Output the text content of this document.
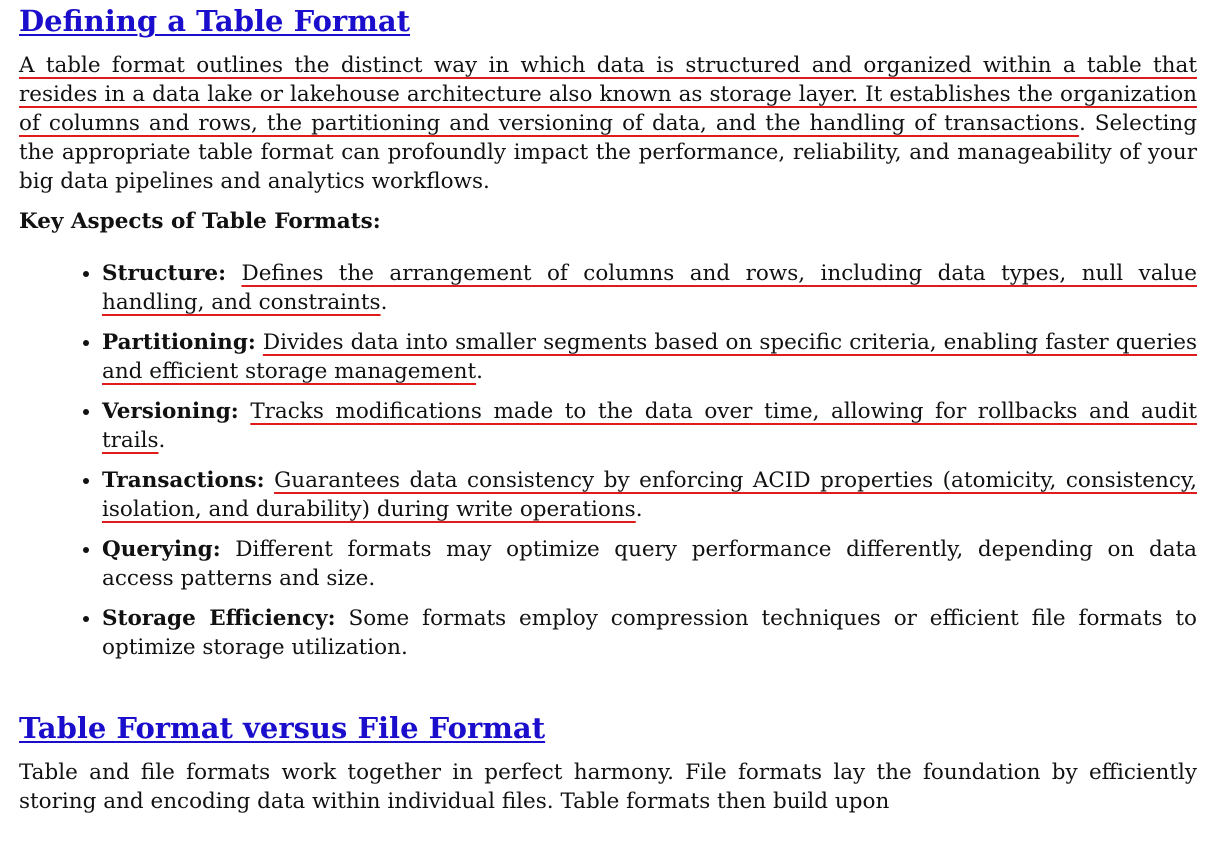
Defining a Table Format

A table format outlines the distinct way in which data is structured and organized within a table that resides in a data lake or lakehouse architecture also known as storage layer. It establishes the organization of columns and rows, the partitioning and versioning of data, and the handling of transactions. Selecting the appropriate table format can profoundly impact the performance, reliability, and manageability of your big data pipelines and analytics workflows.

Key Aspects of Table Formats:
• Structure: Defines the arrangement of columns and rows, including data types, null value handling, and constraints.
• Partitioning: Divides data into smaller segments based on specific criteria, enabling faster queries and efficient storage management.
• Versioning: Tracks modifications made to the data over time, allowing for rollbacks and audit trails.
• Transactions: Guarantees data consistency by enforcing ACID properties (atomicity, consistency, isolation, and durability) during write operations.
• Querying: Different formats may optimize query performance differently, depending on data access patterns and size.
• Storage Efficiency: Some formats employ compression techniques or efficient file formats to optimize storage utilization.
Table Format versus File Format

Table and file formats work together in perfect harmony. File formats lay the foundation by efficiently storing and encoding data within individual files. Table formats then build upon
